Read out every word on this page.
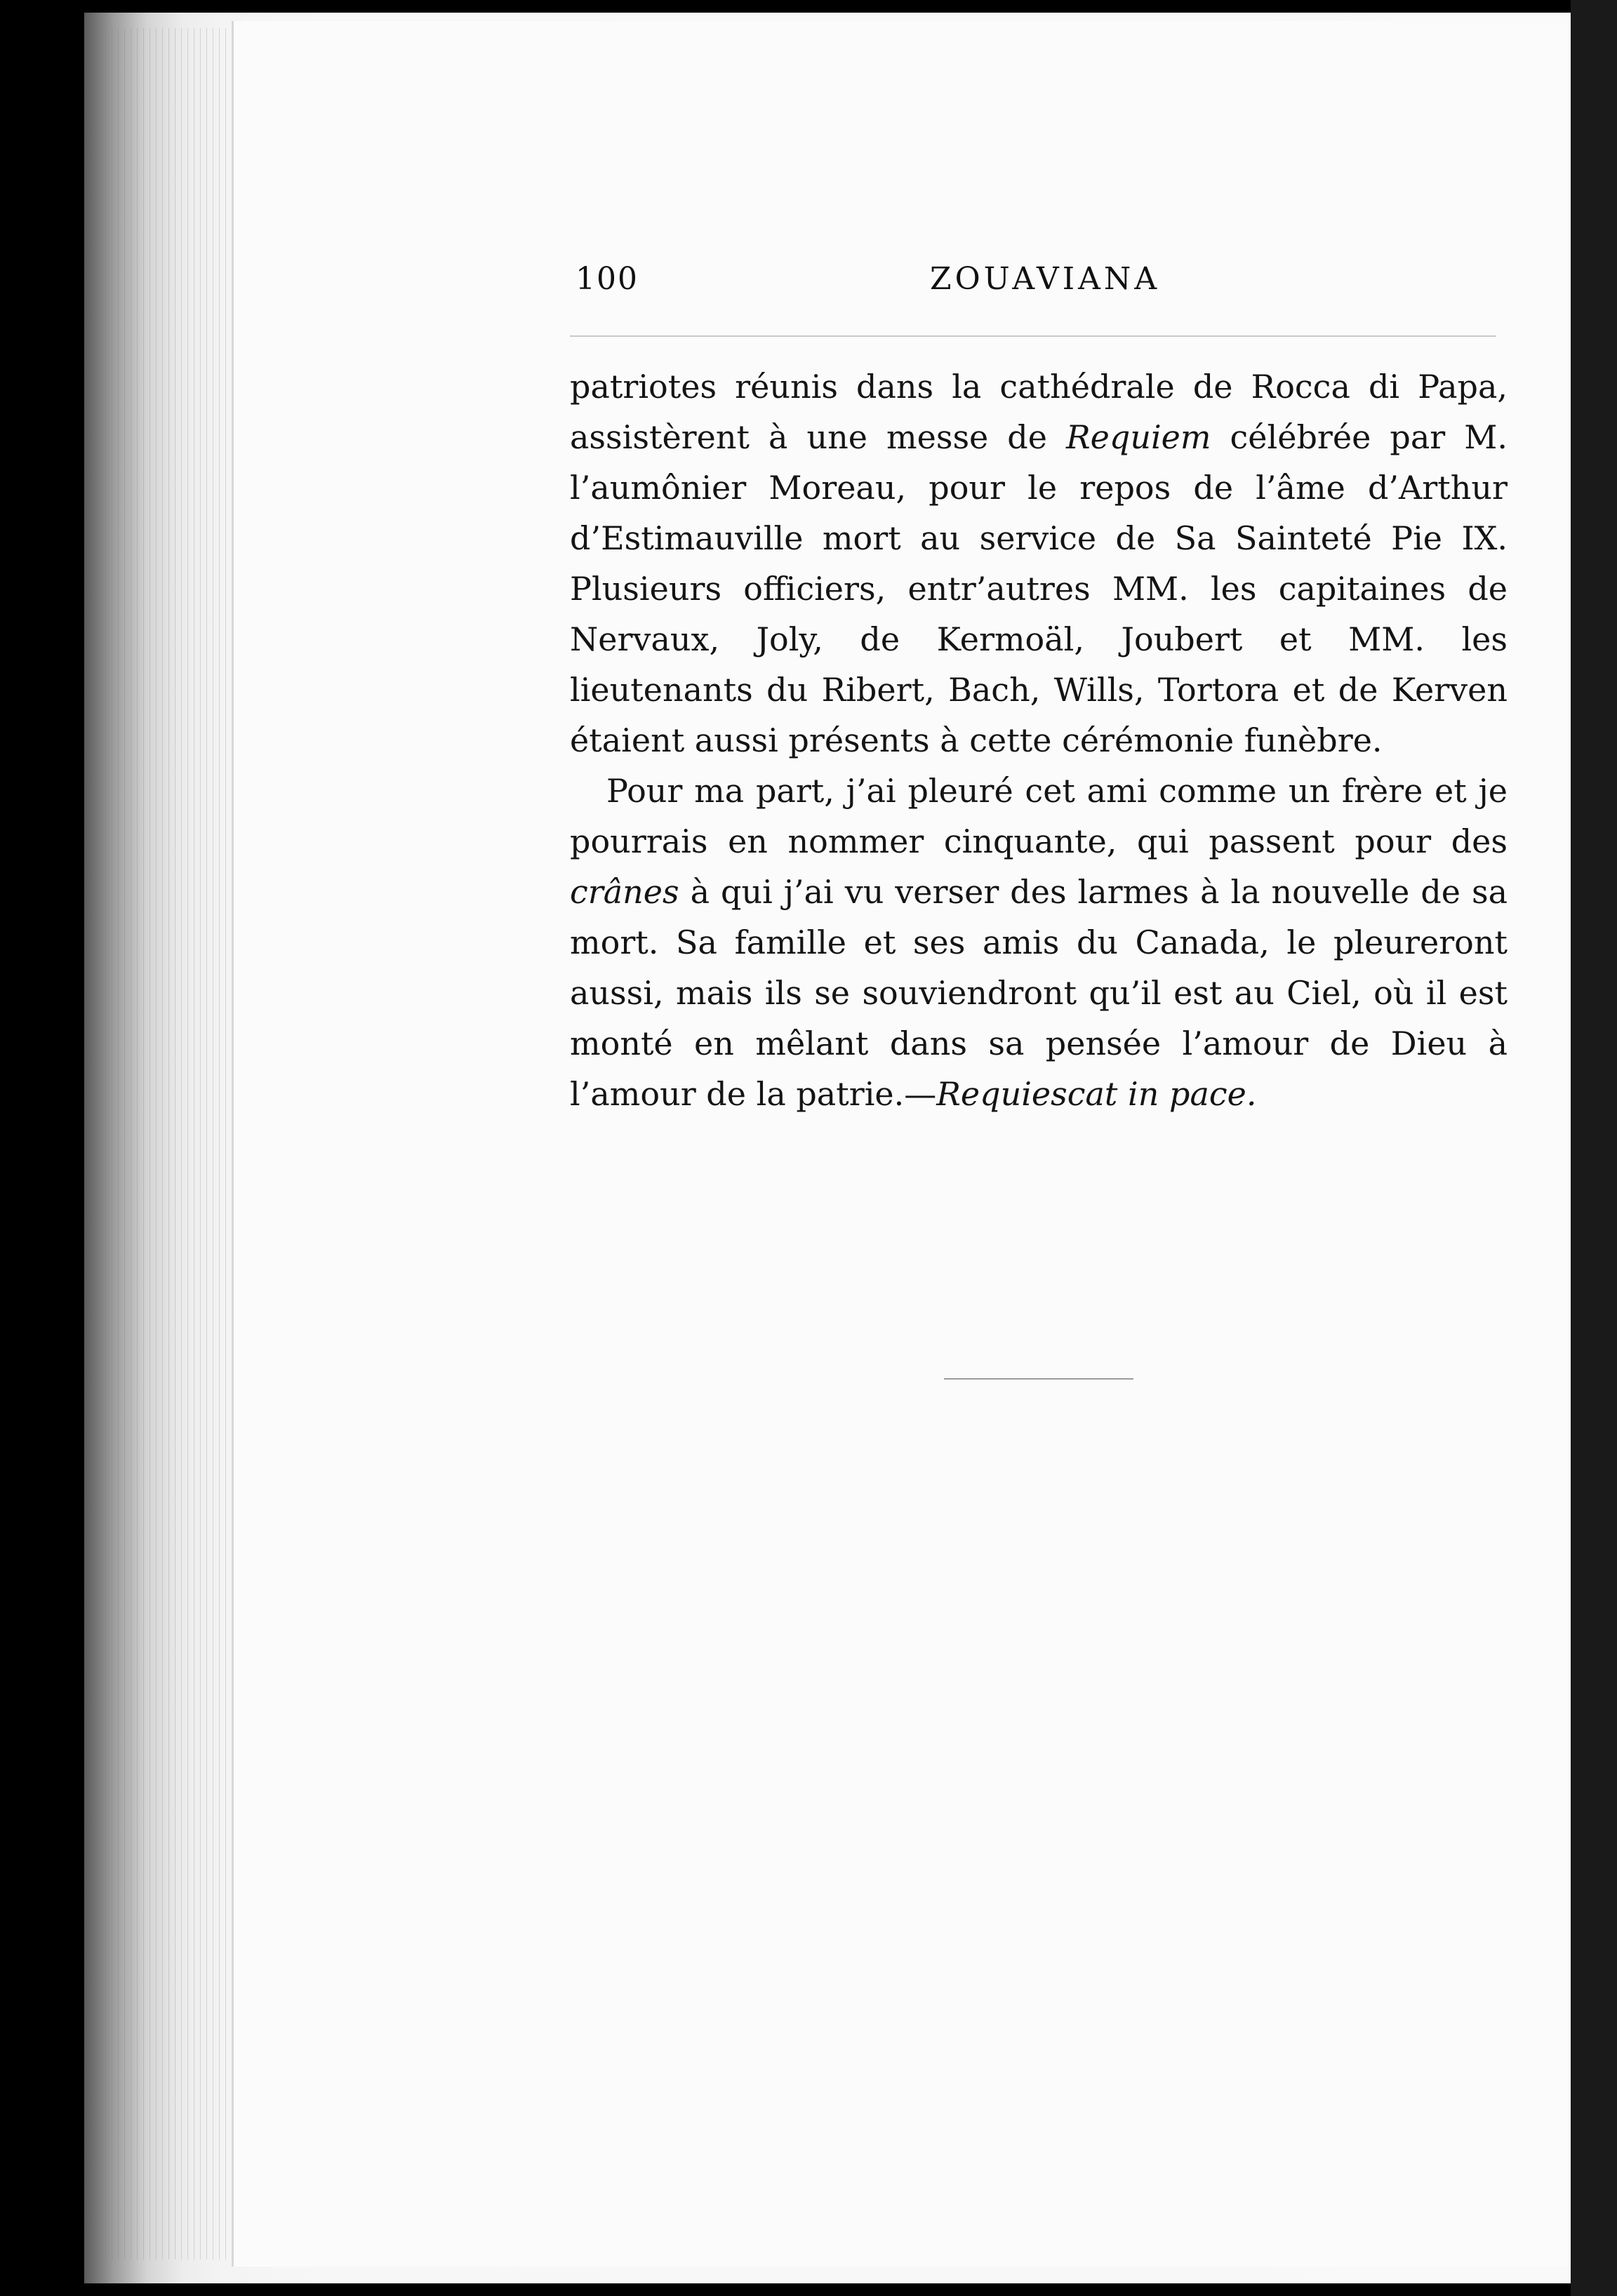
100	ZOUAVIANA

patriotes réunis dans la cathédrale de Rocca di Papa, assistèrent à une messe de Requiem célébrée par M. l’aumônier Moreau, pour le repos de l’âme d’Arthur d’Estimauville mort au service de Sa Sainteté Pie IX. Plusieurs officiers, entr’autres MM. les capitaines de Nervaux, Joly, de Kermoäl, Joubert et MM. les lieutenants du Ribert, Bach, Wills, Tortora et de Kerven étaient aussi présents à cette cérémonie funèbre.

Pour ma part, j’ai pleuré cet ami comme un frère et je pourrais en nommer cinquante, qui passent pour des crânes à qui j’ai vu verser des larmes à la nouvelle de sa mort. Sa famille et ses amis du Canada, le pleureront aussi, mais ils se souviendront qu’il est au Ciel, où il est monté en mêlant dans sa pensée l’amour de Dieu à l’amour de la patrie.—Requiescat in pace.
